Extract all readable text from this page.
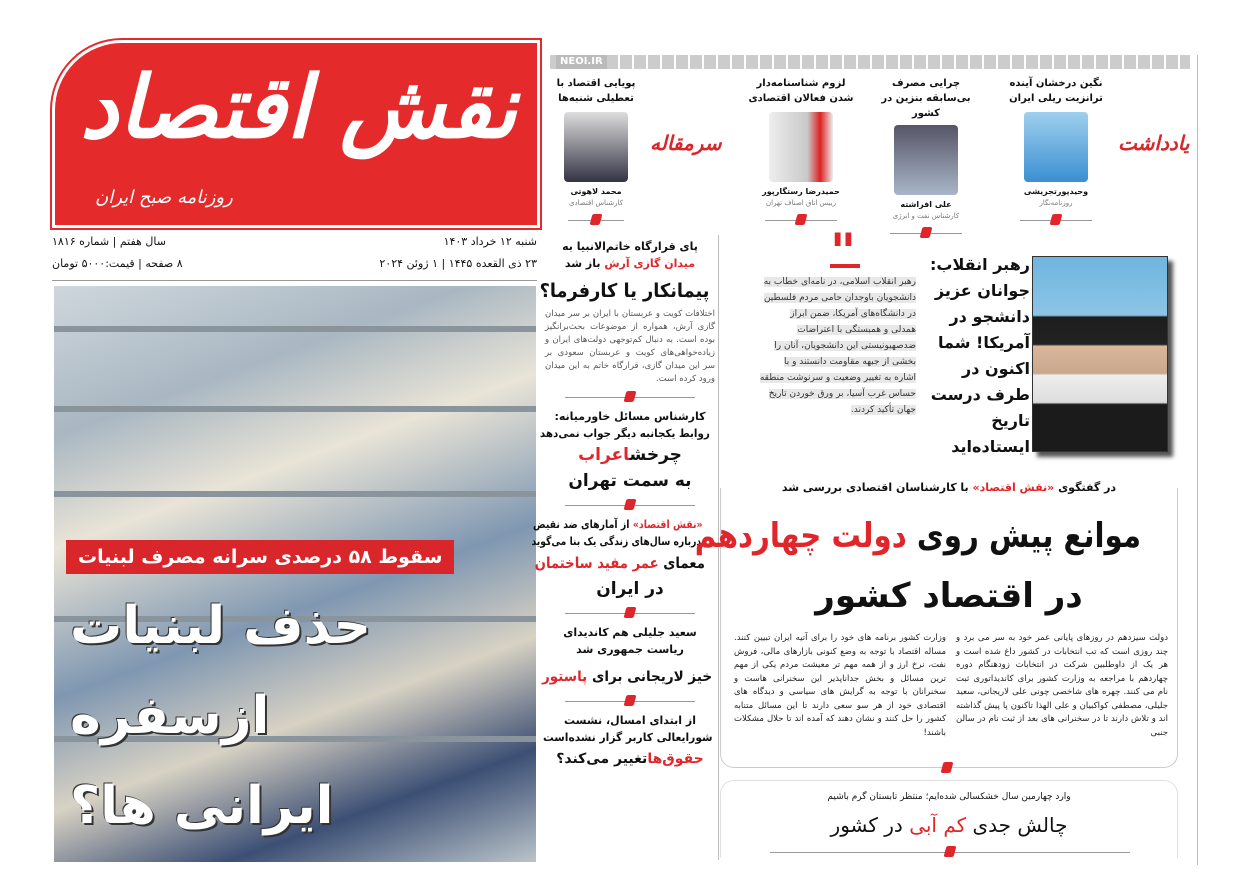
نقش اقتصاد
روزنامه صبح ایران
شنبه ۱۲ خرداد ۱۴۰۳
سال هفتم | شماره ۱۸۱۶
۲۳ ذی القعده ۱۴۴۵ | ۱ ژوئن ۲۰۲۴
۸ صفحه | قیمت:۵۰۰۰ تومان
سقوط ۵۸ درصدی سرانه مصرف لبنیات
حذف لبنیات
ازسفره
ایرانی ها؟
پای قرارگاه خاتم‌الانبیا به
میدان گازی آرش باز شد
پیمانکار یا کارفرما؟
اختلافات کویت و عربستان با ایران بر سر میدان گازی آرش، همواره از موضوعات بحث‌برانگیز بوده است. به دنبال کم‌توجهی دولت‌های ایران و زیاده‌خواهی‌های کویت و عربستان سعودی بر سر این میدان گازی، قرارگاه خاتم به این میدان ورود کرده است.
کارشناس مسائل خاورمیانه:
روابط یکجانبه دیگر جواب نمی‌دهد
چرخشاعراب
به سمت تهران
«نقش اقتصاد» از آمارهای ضد نقیض
درباره سال‌های زندگی یک بنا می‌گوید
معمای عمر مفید ساختمان
در ایران
سعید جلیلی هم کاندیدای
ریاست جمهوری شد
خیز لاریجانی برای پاستور
از ابتدای امسال، نشست
شورایعالی کاربر گزار نشده‌است
حقوق‌هاتغییر می‌کند؟
NEOI.IR
یادداشت
سرمقاله
نگین درخشان آینده ترانزیت ریلی ایران
وحیدپورتجریشی
روزنامه‌نگار
چرایی مصرف بی‌سابقه بنزین در کشور
علی افراشته
کارشناس نفت و انرژی
لزوم شناسنامه‌دار شدن فعالان اقتصادی
حمیدرضا رستگارپور
رییس اتاق اصناف تهران
پویایی اقتصاد با تعطیلی شنبه‌ها
محمد لاهوتی
کارشناس اقتصادی
"
رهبر انقلاب اسلامی، در نامه‌ای خطاب به
دانشجویان باوجدان حامی مردم فلسطین
در دانشگاه‌های آمریکا، ضمن ابراز
همدلی و همبستگی با اعتراضات
ضدصهیونیستی این دانشجویان، آنان را
بخشی از جبهه مقاومت دانستند و با
اشاره به تغییر وضعیت و سرنوشت منطقه
حساس غرب آسیا، بر ورق خوردن تاریخ
جهان تأکید کردند.
رهبر انقلاب: جوانان عزیز دانشجو در آمریکا! شما اکنون در طرف درست تاریخ ایستاده‌اید
در گفتگوی «نقش اقتصاد» با کارشناسان اقتصادی بررسی شد
موانع پیش روی دولت چهاردهم
در اقتصاد کشور
دولت سیزدهم در روزهای پایانی عمر خود به سر می برد و چند روزی است که تب انتخابات در کشور داغ شده است و هر یک از داوطلبین شرکت در انتخابات زودهنگام دوره چهاردهم با مراجعه به وزارت کشور برای کاندیداتوری ثبت نام می کنند. چهره های شاخصی چونی علی لاریجانی، سعید جلیلی، مصطفی کواکبیان و علی الهذا تاکنون پا پیش گذاشته اند و تلاش دارند تا در سخنرانی های بعد از ثبت نام در سالن جنبی
وزارت کشور برنامه های خود را برای آتیه ایران تبیین کنند. مساله اقتصاد با توجه به وضع کنونی بازارهای مالی، فروش نفت، نرخ ارز و از همه مهم تر معیشت مردم یکی از مهم ترین مسائل و بخش جداناپذیر این سخنرانی هاست و سخنرانان با توجه به گرایش های سیاسی و دیدگاه های اقتصادی خود از هر سو سعی دارند تا این مسائل متنابه کشور را حل کنند و نشان دهند که آمده اند تا حلال مشکلات باشند!
وارد چهارمین سال خشکسالی شده‌ایم؛ منتظر تابستان گرم باشیم
چالش جدی کم آبی در کشور
